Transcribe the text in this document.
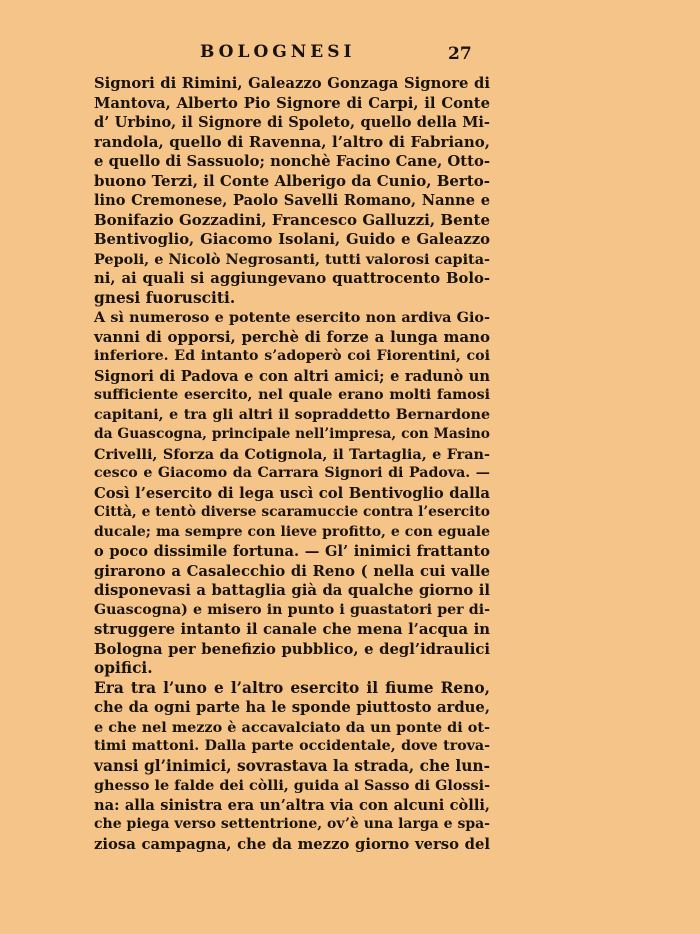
BOLOGNESI	27
Signori di Rimini, Galeazzo Gonzaga Signore di
Mantova, Alberto Pio Signore di Carpi, il Conte
d’ Urbino, il Signore di Spoleto, quello della Mi-
randola, quello di Ravenna, l’altro di Fabriano,
e quello di Sassuolo; nonchè Facino Cane, Otto-
buono Terzi, il Conte Alberigo da Cunio, Berto-
lino Cremonese, Paolo Savelli Romano, Nanne e
Bonifazio Gozzadini, Francesco Galluzzi, Bente
Bentivoglio, Giacomo Isolani, Guido e Galeazzo
Pepoli, e Nicolò Negrosanti, tutti valorosi capita-
ni, ai quali si aggiungevano quattrocento Bolo-
gnesi fuorusciti.
A sì numeroso e potente esercito non ardiva Gio-
vanni di opporsi, perchè di forze a lunga mano
inferiore. Ed intanto s’adoperò coi Fiorentini, coi
Signori di Padova e con altri amici; e radunò un
sufficiente esercito, nel quale erano molti famosi
capitani, e tra gli altri il sopraddetto Bernardone
da Guascogna, principale nell’impresa, con Masino
Crivelli, Sforza da Cotignola, il Tartaglia, e Fran-
cesco e Giacomo da Carrara Signori di Padova. —
Così l’esercito di lega uscì col Bentivoglio dalla
Città, e tentò diverse scaramuccie contra l’esercito
ducale; ma sempre con lieve profitto, e con eguale
o poco dissimile fortuna. — Gl’ inimici frattanto
girarono a Casalecchio di Reno ( nella cui valle
disponevasi a battaglia già da qualche giorno il
Guascogna) e misero in punto i guastatori per di-
struggere intanto il canale che mena l’acqua in
Bologna per benefizio pubblico, e degl’idraulici
opifici.
Era tra l’uno e l’altro esercito il fiume Reno,
che da ogni parte ha le sponde piuttosto ardue,
e che nel mezzo è accavalciato da un ponte di ot-
timi mattoni. Dalla parte occidentale, dove trova-
vansi gl’inimici, sovrastava la strada, che lun-
ghesso le falde dei còlli, guida al Sasso di Glossi-
na: alla sinistra era un’altra via con alcuni còlli,
che piega verso settentrione, ov’è una larga e spa-
ziosa campagna, che da mezzo giorno verso del
